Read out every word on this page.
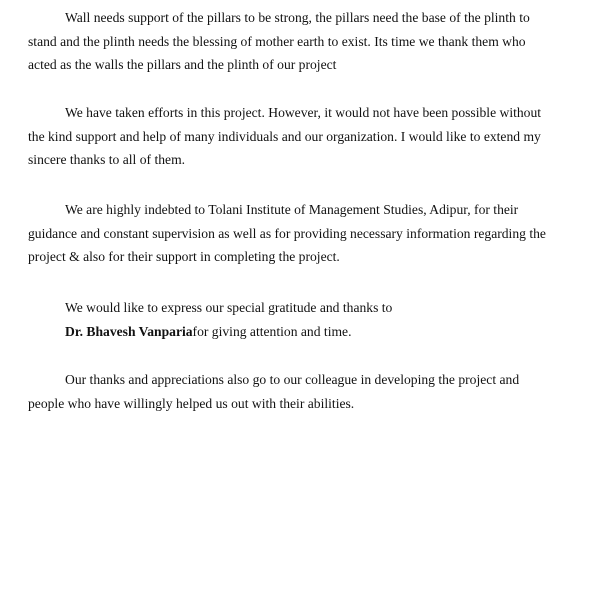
Wall needs support of the pillars to be strong, the pillars need the base of the plinth to
stand and the plinth needs the blessing of mother earth to exist. Its time we thank them who
acted as the walls the pillars and the plinth of our project

We have taken efforts in this project. However, it would not have been possible without
the kind support and help of many individuals and our organization. I would like to extend my
sincere thanks to all of them.

We are highly indebted to Tolani Institute of Management Studies, Adipur, for their
guidance and constant supervision as well as for providing necessary information regarding the
project & also for their support in completing the project.

We would like to express our special gratitude and thanks to
Dr. Bhavesh Vanpariafor giving attention and time.

Our thanks and appreciations also go to our colleague in developing the project and
people who have willingly helped us out with their abilities.
